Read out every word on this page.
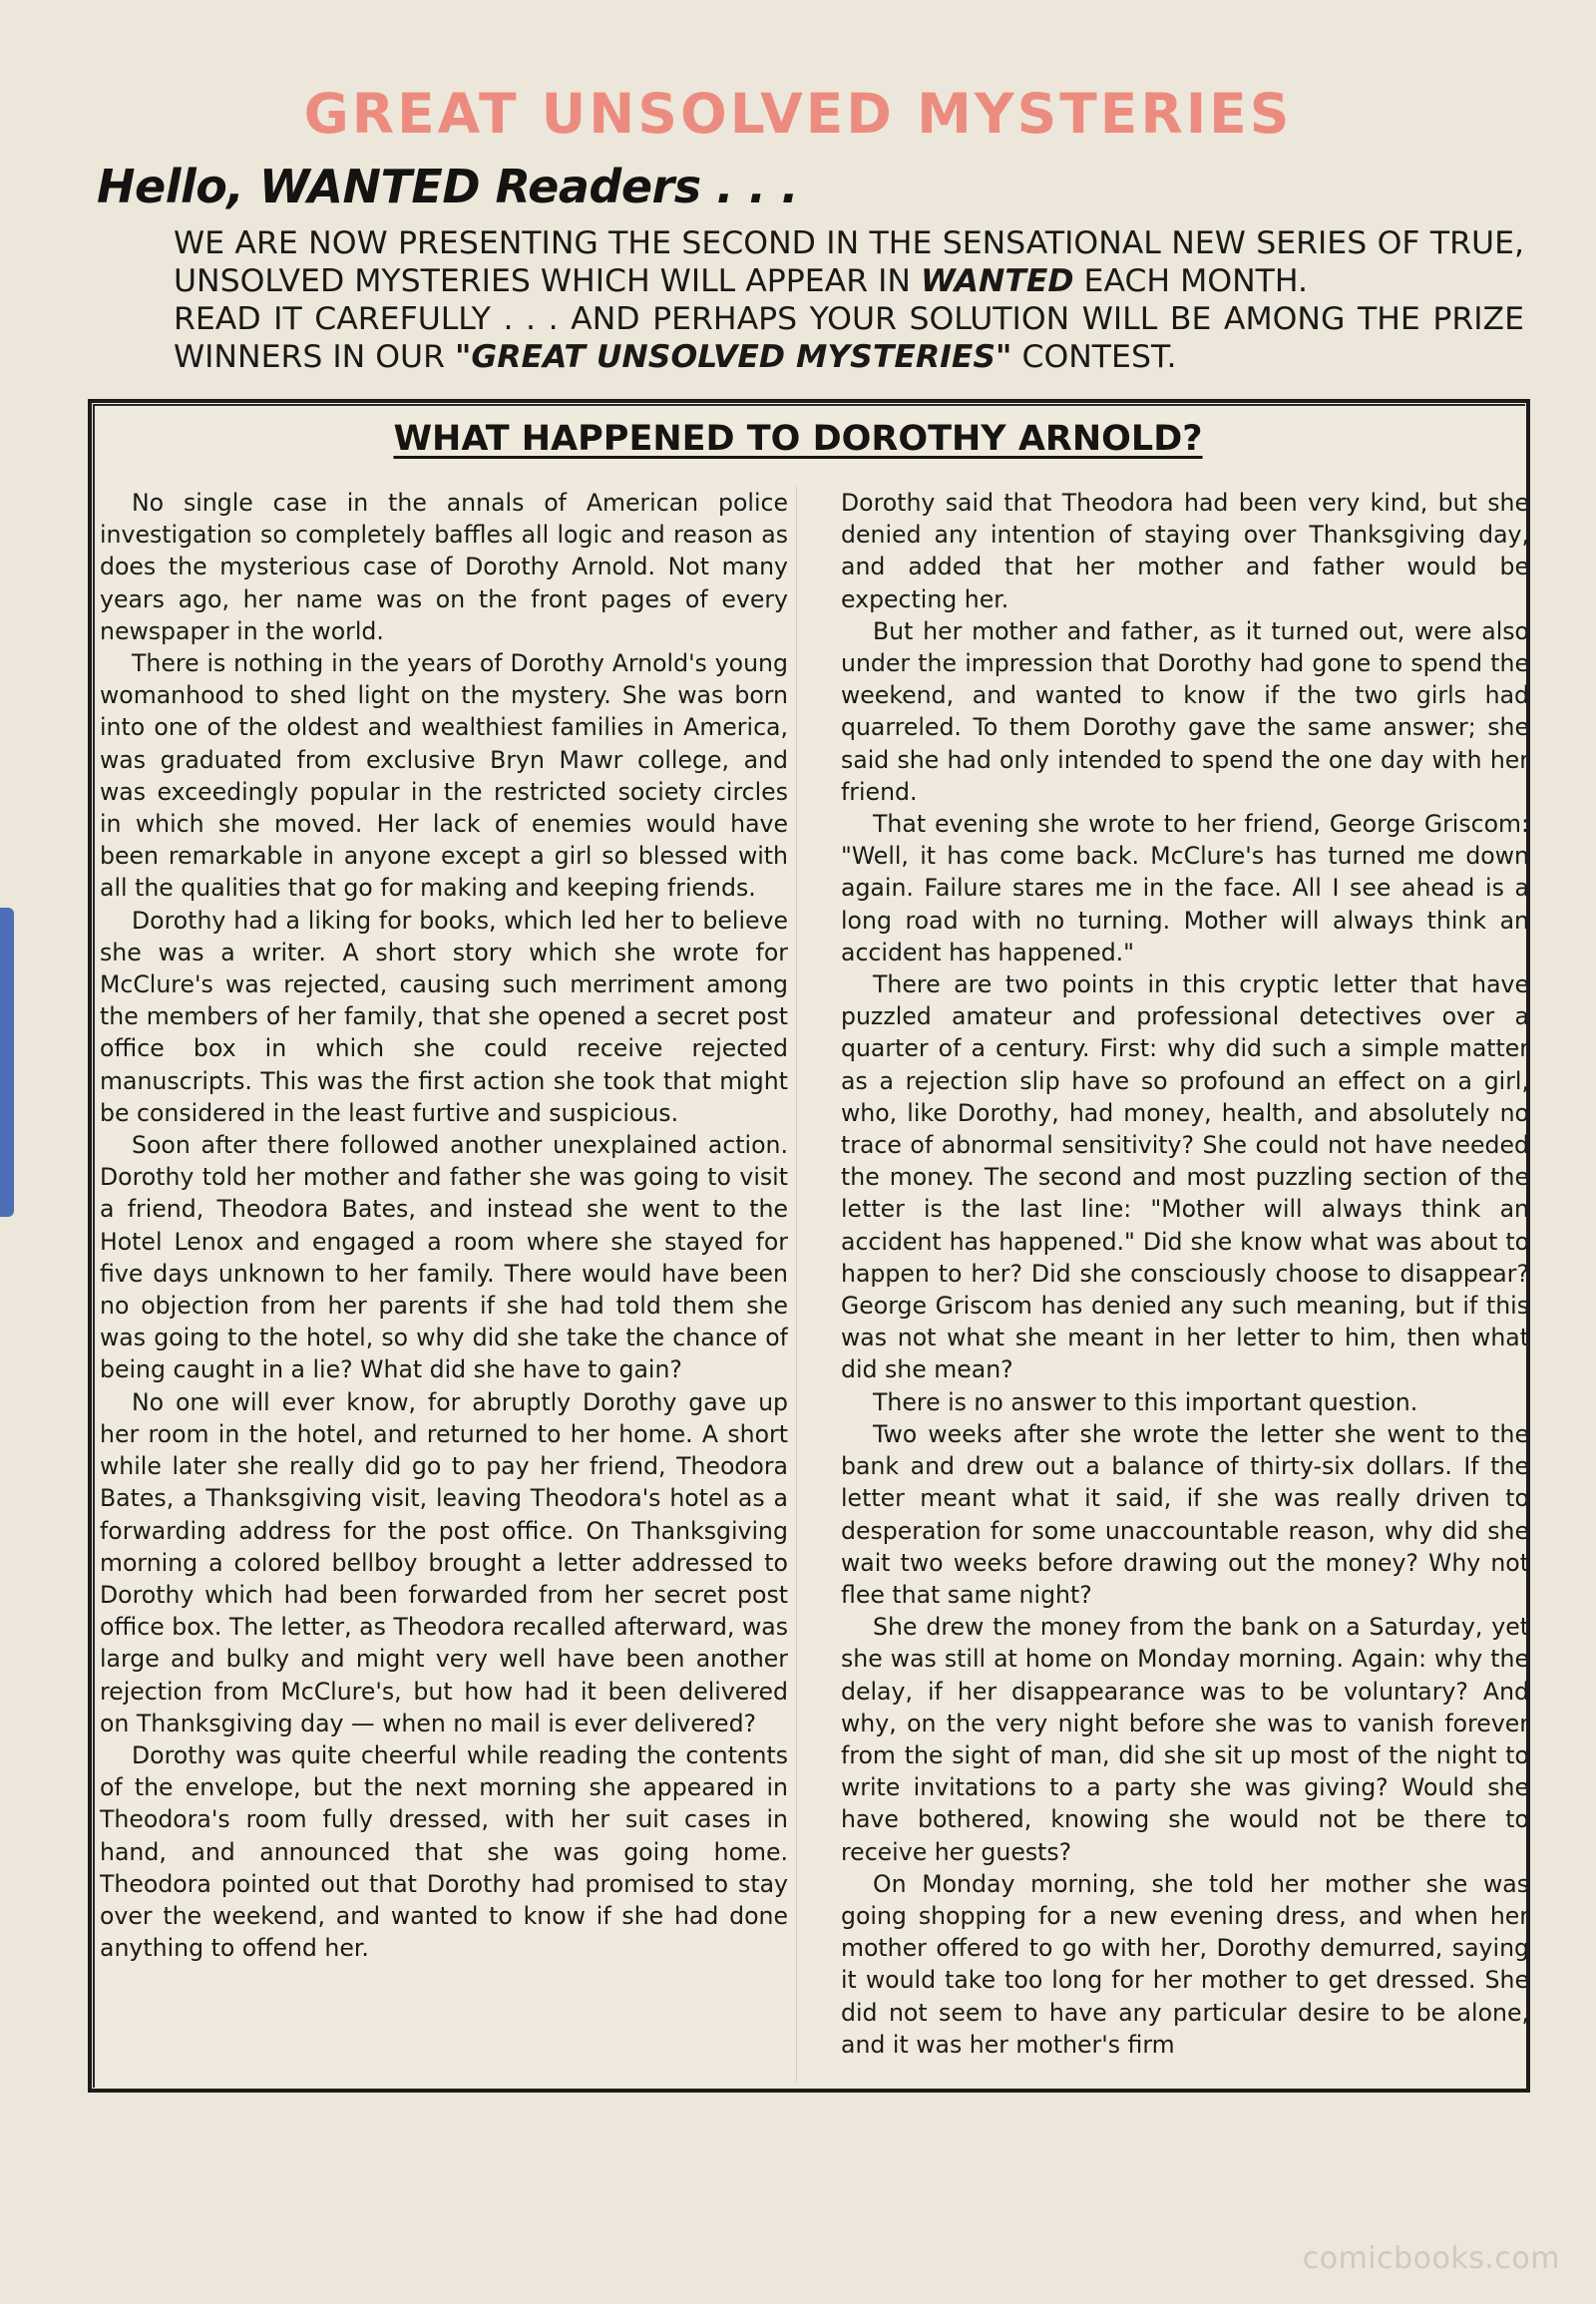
GREAT UNSOLVED MYSTERIES
Hello, WANTED Readers . . .

WE ARE NOW PRESENTING THE SECOND IN THE SENSATIONAL NEW SERIES OF TRUE, UNSOLVED MYSTERIES WHICH WILL APPEAR IN WANTED EACH MONTH.

READ IT CAREFULLY . . . AND PERHAPS YOUR SOLUTION WILL BE AMONG THE PRIZE WINNERS IN OUR "GREAT UNSOLVED MYSTERIES" CONTEST.

WHAT HAPPENED TO DOROTHY ARNOLD?

No single case in the annals of American police investigation so completely baffles all logic and reason as does the mysterious case of Dorothy Arnold. Not many years ago, her name was on the front pages of every newspaper in the world.

There is nothing in the years of Dorothy Arnold's young womanhood to shed light on the mystery. She was born into one of the oldest and wealthiest families in America, was graduated from exclusive Bryn Mawr college, and was exceedingly popular in the restricted society circles in which she moved. Her lack of enemies would have been remarkable in anyone except a girl so blessed with all the qualities that go for making and keeping friends.

Dorothy had a liking for books, which led her to believe she was a writer. A short story which she wrote for McClure's was rejected, causing such merriment among the members of her family, that she opened a secret post office box in which she could receive rejected manuscripts. This was the first action she took that might be considered in the least furtive and suspicious.

Soon after there followed another unexplained action. Dorothy told her mother and father she was going to visit a friend, Theodora Bates, and instead she went to the Hotel Lenox and engaged a room where she stayed for five days unknown to her family. There would have been no objection from her parents if she had told them she was going to the hotel, so why did she take the chance of being caught in a lie? What did she have to gain?

No one will ever know, for abruptly Dorothy gave up her room in the hotel, and returned to her home. A short while later she really did go to pay her friend, Theodora Bates, a Thanksgiving visit, leaving Theodora's hotel as a forwarding address for the post office. On Thanksgiving morning a colored bellboy brought a letter addressed to Dorothy which had been forwarded from her secret post office box. The letter, as Theodora recalled afterward, was large and bulky and might very well have been another rejection from McClure's, but how had it been delivered on Thanksgiving day — when no mail is ever delivered?

Dorothy was quite cheerful while reading the contents of the envelope, but the next morning she appeared in Theodora's room fully dressed, with her suit cases in hand, and announced that she was going home. Theodora pointed out that Dorothy had promised to stay over the weekend, and wanted to know if she had done anything to offend her.

Dorothy said that Theodora had been very kind, but she denied any intention of staying over Thanksgiving day, and added that her mother and father would be expecting her.

But her mother and father, as it turned out, were also under the impression that Dorothy had gone to spend the weekend, and wanted to know if the two girls had quarreled. To them Dorothy gave the same answer; she said she had only intended to spend the one day with her friend.

That evening she wrote to her friend, George Griscom: "Well, it has come back. McClure's has turned me down again. Failure stares me in the face. All I see ahead is a long road with no turning. Mother will always think an accident has happened."

There are two points in this cryptic letter that have puzzled amateur and professional detectives over a quarter of a century. First: why did such a simple matter as a rejection slip have so profound an effect on a girl, who, like Dorothy, had money, health, and absolutely no trace of abnormal sensitivity? She could not have needed the money. The second and most puzzling section of the letter is the last line: "Mother will always think an accident has happened." Did she know what was about to happen to her? Did she consciously choose to disappear? George Griscom has denied any such meaning, but if this was not what she meant in her letter to him, then what did she mean?

There is no answer to this important question.

Two weeks after she wrote the letter she went to the bank and drew out a balance of thirty-six dollars. If the letter meant what it said, if she was really driven to desperation for some unaccountable reason, why did she wait two weeks before drawing out the money? Why not flee that same night?

She drew the money from the bank on a Saturday, yet she was still at home on Monday morning. Again: why the delay, if her disappearance was to be voluntary? And why, on the very night before she was to vanish forever from the sight of man, did she sit up most of the night to write invitations to a party she was giving? Would she have bothered, knowing she would not be there to receive her guests?

On Monday morning, she told her mother she was going shopping for a new evening dress, and when her mother offered to go with her, Dorothy demurred, saying it would take too long for her mother to get dressed. She did not seem to have any particular desire to be alone, and it was her mother's firm

comicbooks.com
